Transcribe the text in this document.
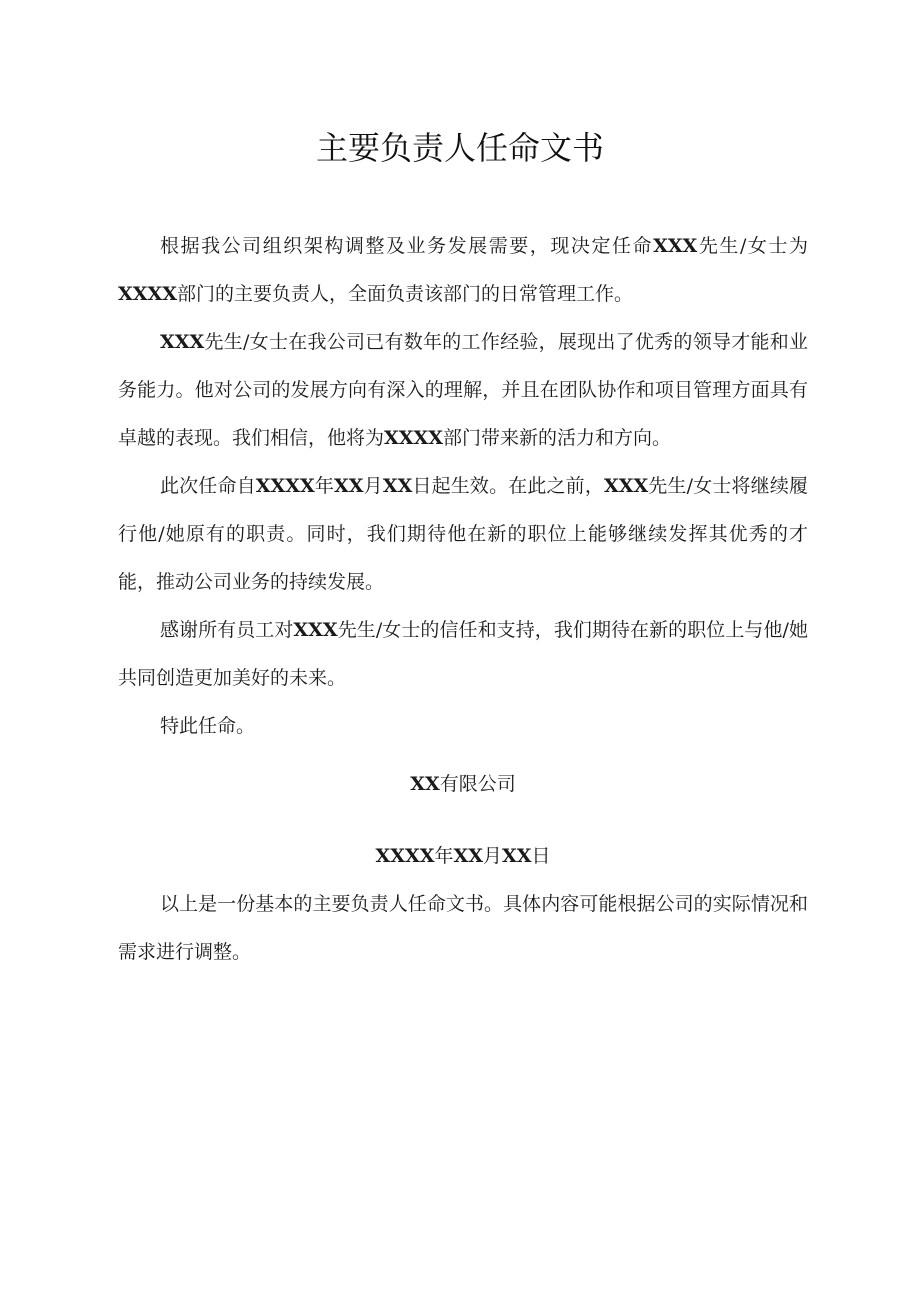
主要负责人任命文书

根据我公司组织架构调整及业务发展需要，现决定任命XXX先生/女士为XXXX部门的主要负责人，全面负责该部门的日常管理工作。

XXX先生/女士在我公司已有数年的工作经验，展现出了优秀的领导才能和业务能力。他对公司的发展方向有深入的理解，并且在团队协作和项目管理方面具有卓越的表现。我们相信，他将为XXXX部门带来新的活力和方向。

此次任命自XXXX年XX月XX日起生效。在此之前，XXX先生/女士将继续履行他/她原有的职责。同时，我们期待他在新的职位上能够继续发挥其优秀的才能，推动公司业务的持续发展。

感谢所有员工对XXX先生/女士的信任和支持，我们期待在新的职位上与他/她共同创造更加美好的未来。

特此任命。

XX有限公司

XXXX年XX月XX日

以上是一份基本的主要负责人任命文书。具体内容可能根据公司的实际情况和需求进行调整。
